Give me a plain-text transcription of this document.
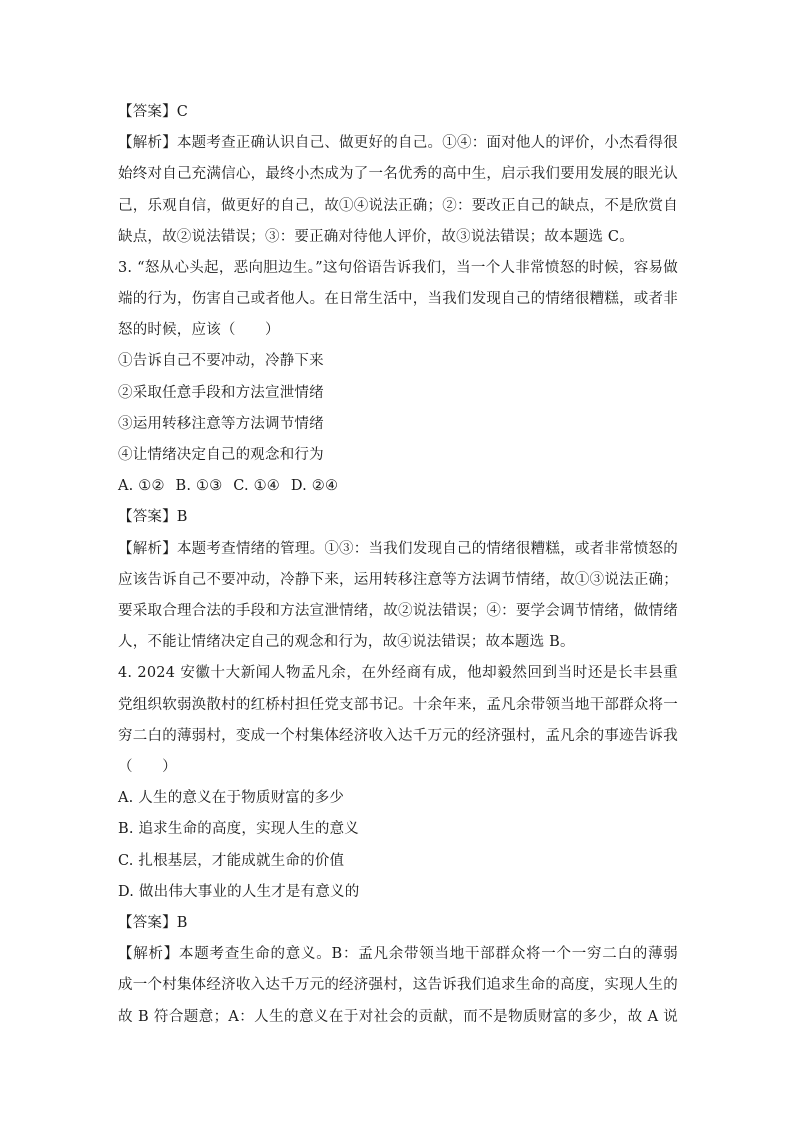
【答案】C
【解析】本题考查正确认识自己、做更好的自己。①④：面对他人的评价，小杰看得很
始终对自己充满信心，最终小杰成为了一名优秀的高中生，启示我们要用发展的眼光认
己，乐观自信，做更好的自己，故①④说法正确；②：要改正自己的缺点，不是欣赏自
缺点，故②说法错误；③：要正确对待他人评价，故③说法错误；故本题选 C。
3. “怒从心头起，恶向胆边生。”这句俗语告诉我们，当一个人非常愤怒的时候，容易做
端的行为，伤害自己或者他人。在日常生活中，当我们发现自己的情绪很糟糕，或者非
怒的时候，应该（　　）
①告诉自己不要冲动，冷静下来
②采取任意手段和方法宣泄情绪
③运用转移注意等方法调节情绪
④让情绪决定自己的观念和行为
A. ①② B. ①③ C. ①④ D. ②④
【答案】B
【解析】本题考查情绪的管理。①③：当我们发现自己的情绪很糟糕，或者非常愤怒的
应该告诉自己不要冲动，冷静下来，运用转移注意等方法调节情绪，故①③说法正确；
要采取合理合法的手段和方法宣泄情绪，故②说法错误；④：要学会调节情绪，做情绪
人，不能让情绪决定自己的观念和行为，故④说法错误；故本题选 B。
4. 2024 安徽十大新闻人物孟凡余，在外经商有成，他却毅然回到当时还是长丰县重
党组织软弱涣散村的红桥村担任党支部书记。十余年来，孟凡余带领当地干部群众将一
穷二白的薄弱村，变成一个村集体经济收入达千万元的经济强村，孟凡余的事迹告诉我
（　　）
A. 人生的意义在于物质财富的多少
B. 追求生命的高度，实现人生的意义
C. 扎根基层，才能成就生命的价值
D. 做出伟大事业的人生才是有意义的
【答案】B
【解析】本题考查生命的意义。B：孟凡余带领当地干部群众将一个一穷二白的薄弱
成一个村集体经济收入达千万元的经济强村，这告诉我们追求生命的高度，实现人生的
故 B 符合题意；A：人生的意义在于对社会的贡献，而不是物质财富的多少，故 A 说
